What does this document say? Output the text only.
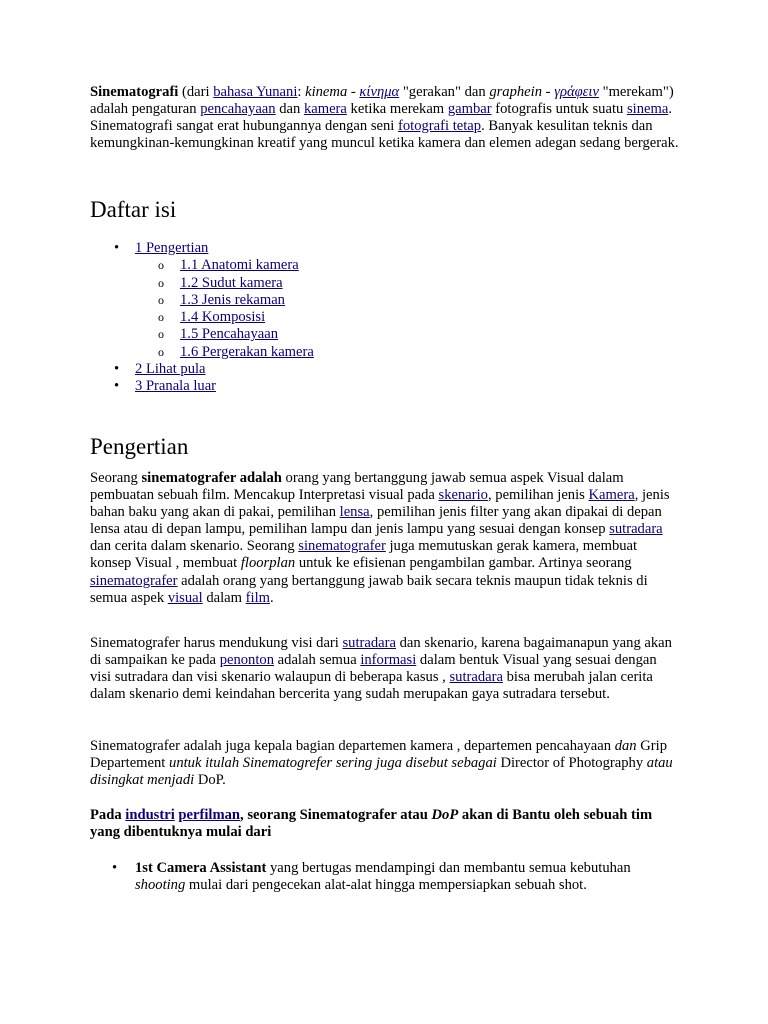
Sinematografi (dari bahasa Yunani: kinema - κίνημα "gerakan" dan graphein - γράφειν "merekam") adalah pengaturan pencahayaan dan kamera ketika merekam gambar fotografis untuk suatu sinema. Sinematografi sangat erat hubungannya dengan seni fotografi tetap. Banyak kesulitan teknis dan kemungkinan-kemungkinan kreatif yang muncul ketika kamera dan elemen adegan sedang bergerak.

Daftar isi
• 1 Pengertian
o 1.1 Anatomi kamera
o 1.2 Sudut kamera
o 1.3 Jenis rekaman
o 1.4 Komposisi
o 1.5 Pencahayaan
o 1.6 Pergerakan kamera
• 2 Lihat pula
• 3 Pranala luar
Pengertian

Seorang sinematografer adalah orang yang bertanggung jawab semua aspek Visual dalam pembuatan sebuah film. Mencakup Interpretasi visual pada skenario, pemilihan jenis Kamera, jenis bahan baku yang akan di pakai, pemilihan lensa, pemilihan jenis filter yang akan dipakai di depan lensa atau di depan lampu, pemilihan lampu dan jenis lampu yang sesuai dengan konsep sutradara dan cerita dalam skenario. Seorang sinematografer juga memutuskan gerak kamera, membuat konsep Visual , membuat floorplan untuk ke efisienan pengambilan gambar. Artinya seorang sinematografer adalah orang yang bertanggung jawab baik secara teknis maupun tidak teknis di semua aspek visual dalam film.

Sinematografer harus mendukung visi dari sutradara dan skenario, karena bagaimanapun yang akan di sampaikan ke pada penonton adalah semua informasi dalam bentuk Visual yang sesuai dengan visi sutradara dan visi skenario walaupun di beberapa kasus , sutradara bisa merubah jalan cerita dalam skenario demi keindahan bercerita yang sudah merupakan gaya sutradara tersebut.

Sinematografer adalah juga kepala bagian departemen kamera , departemen pencahayaan dan Grip Departement untuk itulah Sinematogrefer sering juga disebut sebagai Director of Photography atau disingkat menjadi DoP.

Pada industri perfilman, seorang Sinematografer atau DoP akan di Bantu oleh sebuah tim yang dibentuknya mulai dari

• 1st Camera Assistant yang bertugas mendampingi dan membantu semua kebutuhan shooting mulai dari pengecekan alat-alat hingga mempersiapkan sebuah shot.
